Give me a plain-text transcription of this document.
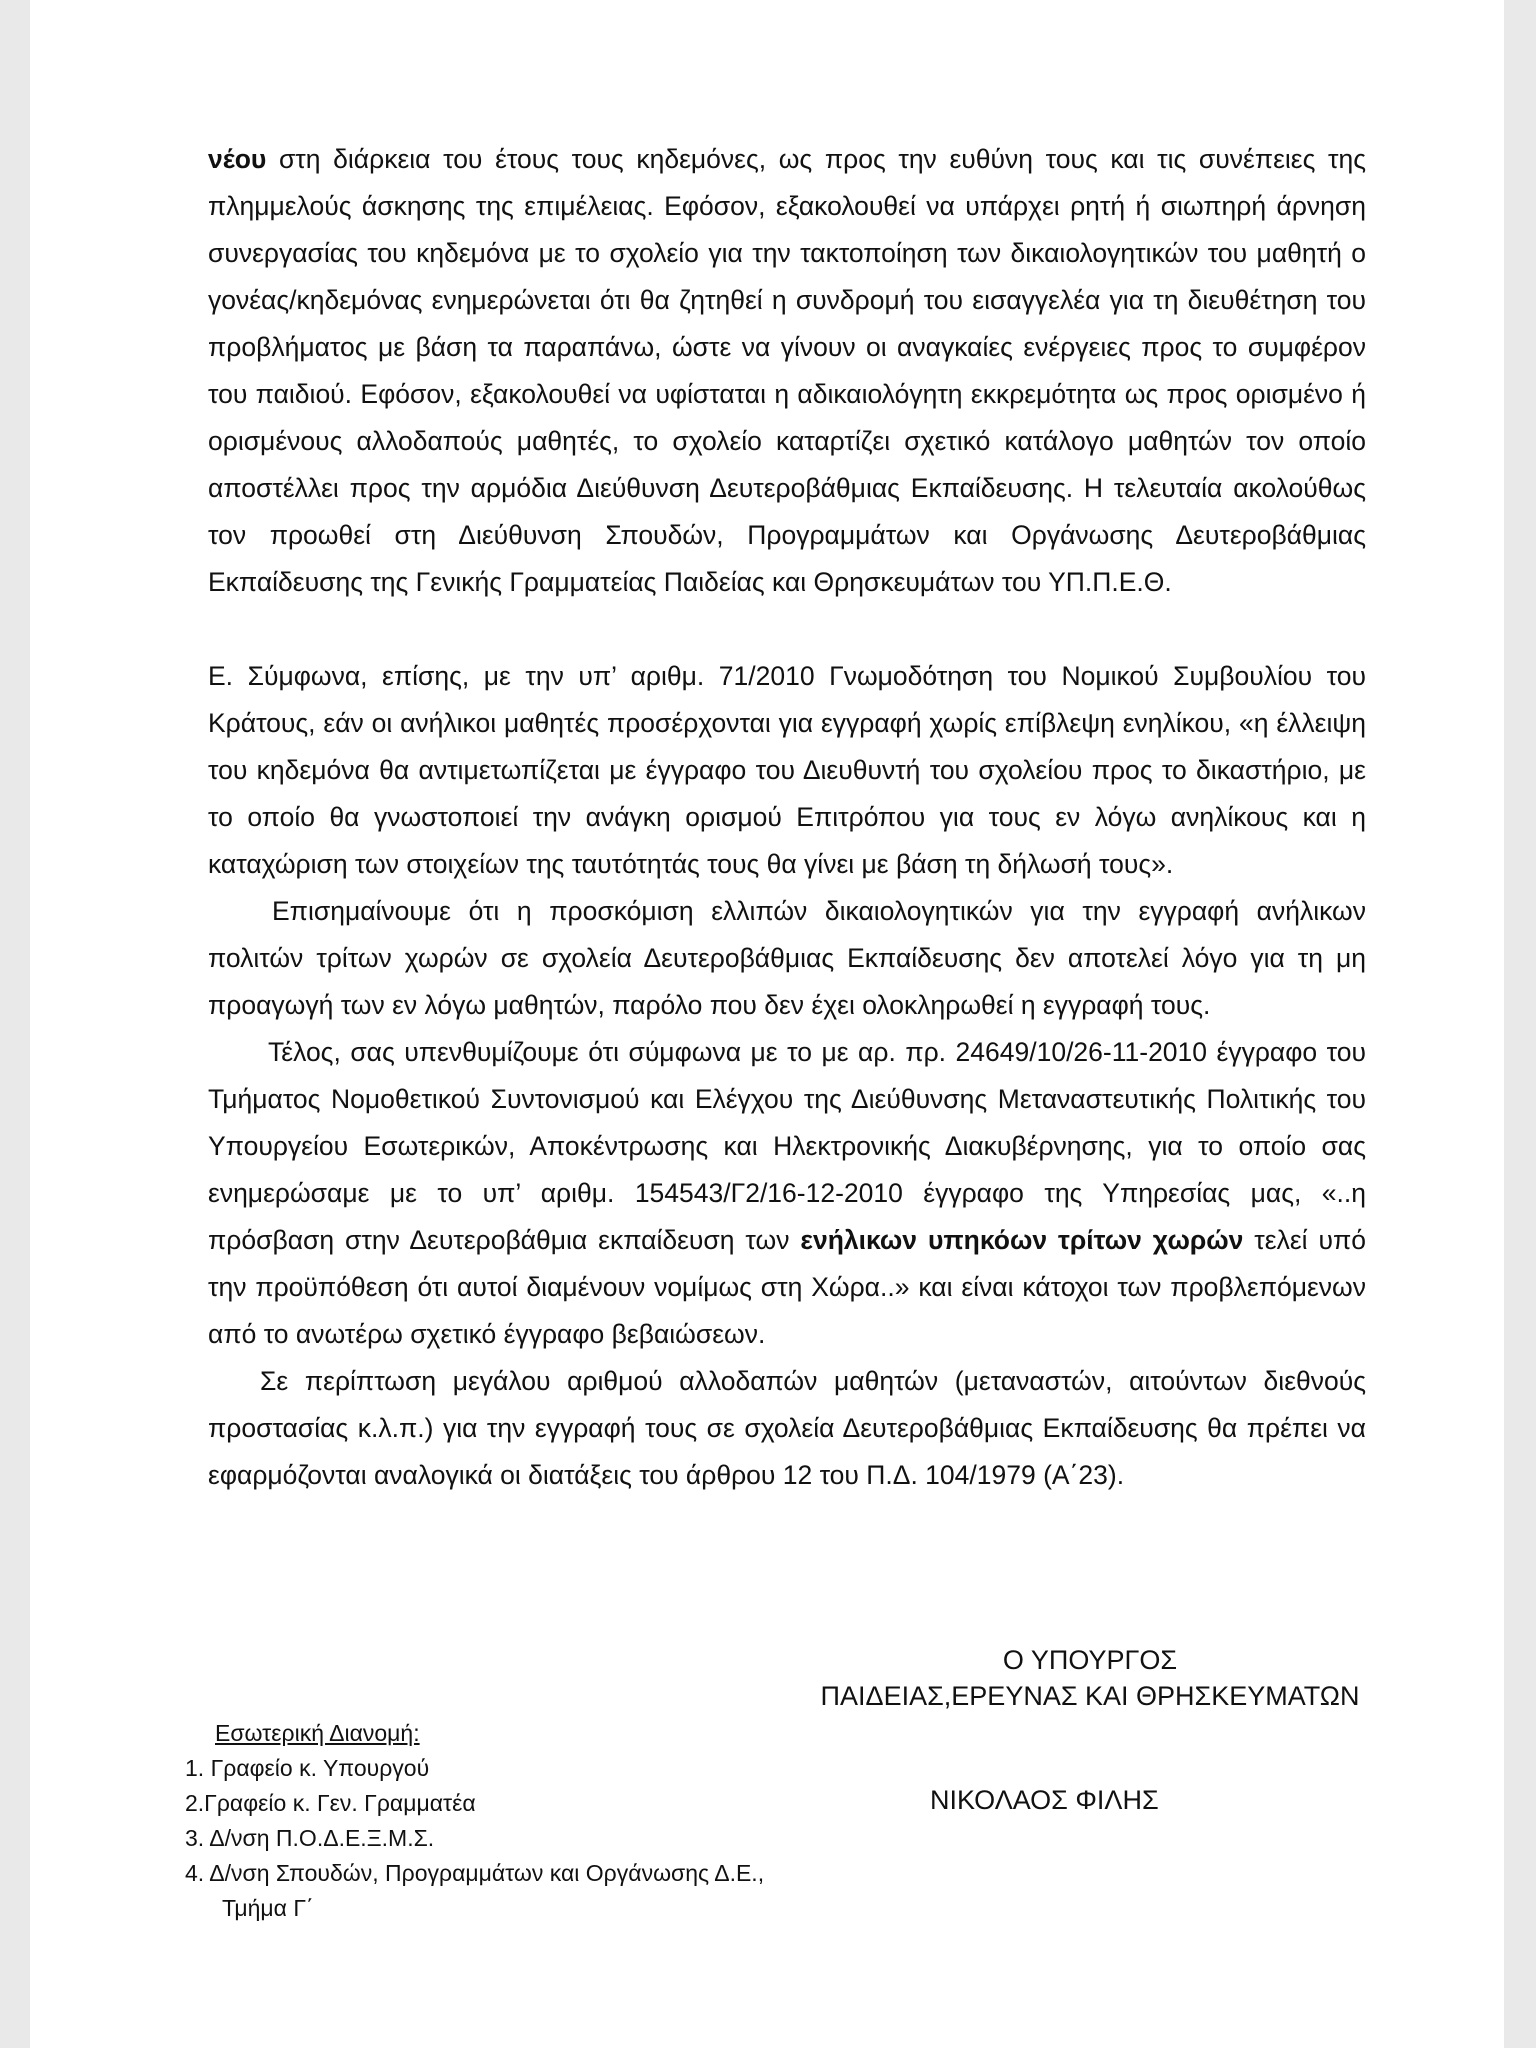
νέου στη διάρκεια του έτους τους κηδεμόνες, ως προς την ευθύνη τους και τις συνέπειες της πλημμελούς άσκησης της επιμέλειας. Εφόσον, εξακολουθεί να υπάρχει ρητή ή σιωπηρή άρνηση συνεργασίας του κηδεμόνα με το σχολείο για την τακτοποίηση των δικαιολογητικών του μαθητή ο γονέας/κηδεμόνας ενημερώνεται ότι θα ζητηθεί η συνδρομή του εισαγγελέα για τη διευθέτηση του προβλήματος με βάση τα παραπάνω, ώστε να γίνουν οι αναγκαίες ενέργειες προς το συμφέρον του παιδιού. Εφόσον, εξακολουθεί να υφίσταται η αδικαιολόγητη εκκρεμότητα ως προς ορισμένο ή ορισμένους αλλοδαπούς μαθητές, το σχολείο καταρτίζει σχετικό κατάλογο μαθητών τον οποίο αποστέλλει προς την αρμόδια Διεύθυνση Δευτεροβάθμιας Εκπαίδευσης. Η τελευταία ακολούθως τον προωθεί στη Διεύθυνση Σπουδών, Προγραμμάτων και Οργάνωσης Δευτεροβάθμιας Εκπαίδευσης της Γενικής Γραμματείας Παιδείας και Θρησκευμάτων του ΥΠ.Π.Ε.Θ.

Ε. Σύμφωνα, επίσης, με την υπ’ αριθμ. 71/2010 Γνωμοδότηση του Νομικού Συμβουλίου του Κράτους, εάν οι ανήλικοι μαθητές προσέρχονται για εγγραφή χωρίς επίβλεψη ενηλίκου, «η έλλειψη του κηδεμόνα θα αντιμετωπίζεται με έγγραφο του Διευθυντή του σχολείου προς το δικαστήριο, με το οποίο θα γνωστοποιεί την ανάγκη ορισμού Επιτρόπου για τους εν λόγω ανηλίκους και η καταχώριση των στοιχείων της ταυτότητάς τους θα γίνει με βάση τη δήλωσή τους».

Επισημαίνουμε ότι η προσκόμιση ελλιπών δικαιολογητικών για την εγγραφή ανήλικων πολιτών τρίτων χωρών σε σχολεία Δευτεροβάθμιας Εκπαίδευσης δεν αποτελεί λόγο για τη μη προαγωγή των εν λόγω μαθητών, παρόλο που δεν έχει ολοκληρωθεί η εγγραφή τους.

Τέλος, σας υπενθυμίζουμε ότι σύμφωνα με το με αρ. πρ. 24649/10/26-11-2010 έγγραφο του Τμήματος Νομοθετικού Συντονισμού και Ελέγχου της Διεύθυνσης Μεταναστευτικής Πολιτικής του Υπουργείου Εσωτερικών, Αποκέντρωσης και Ηλεκτρονικής Διακυβέρνησης, για το οποίο σας ενημερώσαμε με το υπ’ αριθμ. 154543/Γ2/16-12-2010 έγγραφο της Υπηρεσίας μας, «..η πρόσβαση στην Δευτεροβάθμια εκπαίδευση των ενήλικων υπηκόων τρίτων χωρών τελεί υπό την προϋπόθεση ότι αυτοί διαμένουν νομίμως στη Χώρα..» και είναι κάτοχοι των προβλεπόμενων από το ανωτέρω σχετικό έγγραφο βεβαιώσεων.

Σε περίπτωση μεγάλου αριθμού αλλοδαπών μαθητών (μεταναστών, αιτούντων διεθνούς προστασίας κ.λ.π.) για την εγγραφή τους σε σχολεία Δευτεροβάθμιας Εκπαίδευσης θα πρέπει να εφαρμόζονται αναλογικά οι διατάξεις του άρθρου 12 του Π.Δ. 104/1979 (Α΄23).

Ο ΥΠΟΥΡΓΟΣ
ΠΑΙΔΕΙΑΣ,ΕΡΕΥΝΑΣ ΚΑΙ ΘΡΗΣΚΕΥΜΑΤΩΝ
ΝΙΚΟΛΑΟΣ ΦΙΛΗΣ
Εσωτερική Διανομή:
1. Γραφείο κ. Υπουργού
2.Γραφείο κ. Γεν. Γραμματέα
3. Δ/νση Π.Ο.Δ.Ε.Ξ.Μ.Σ.
4. Δ/νση Σπουδών, Προγραμμάτων και Οργάνωσης Δ.Ε.,
Τμήμα Γ΄
